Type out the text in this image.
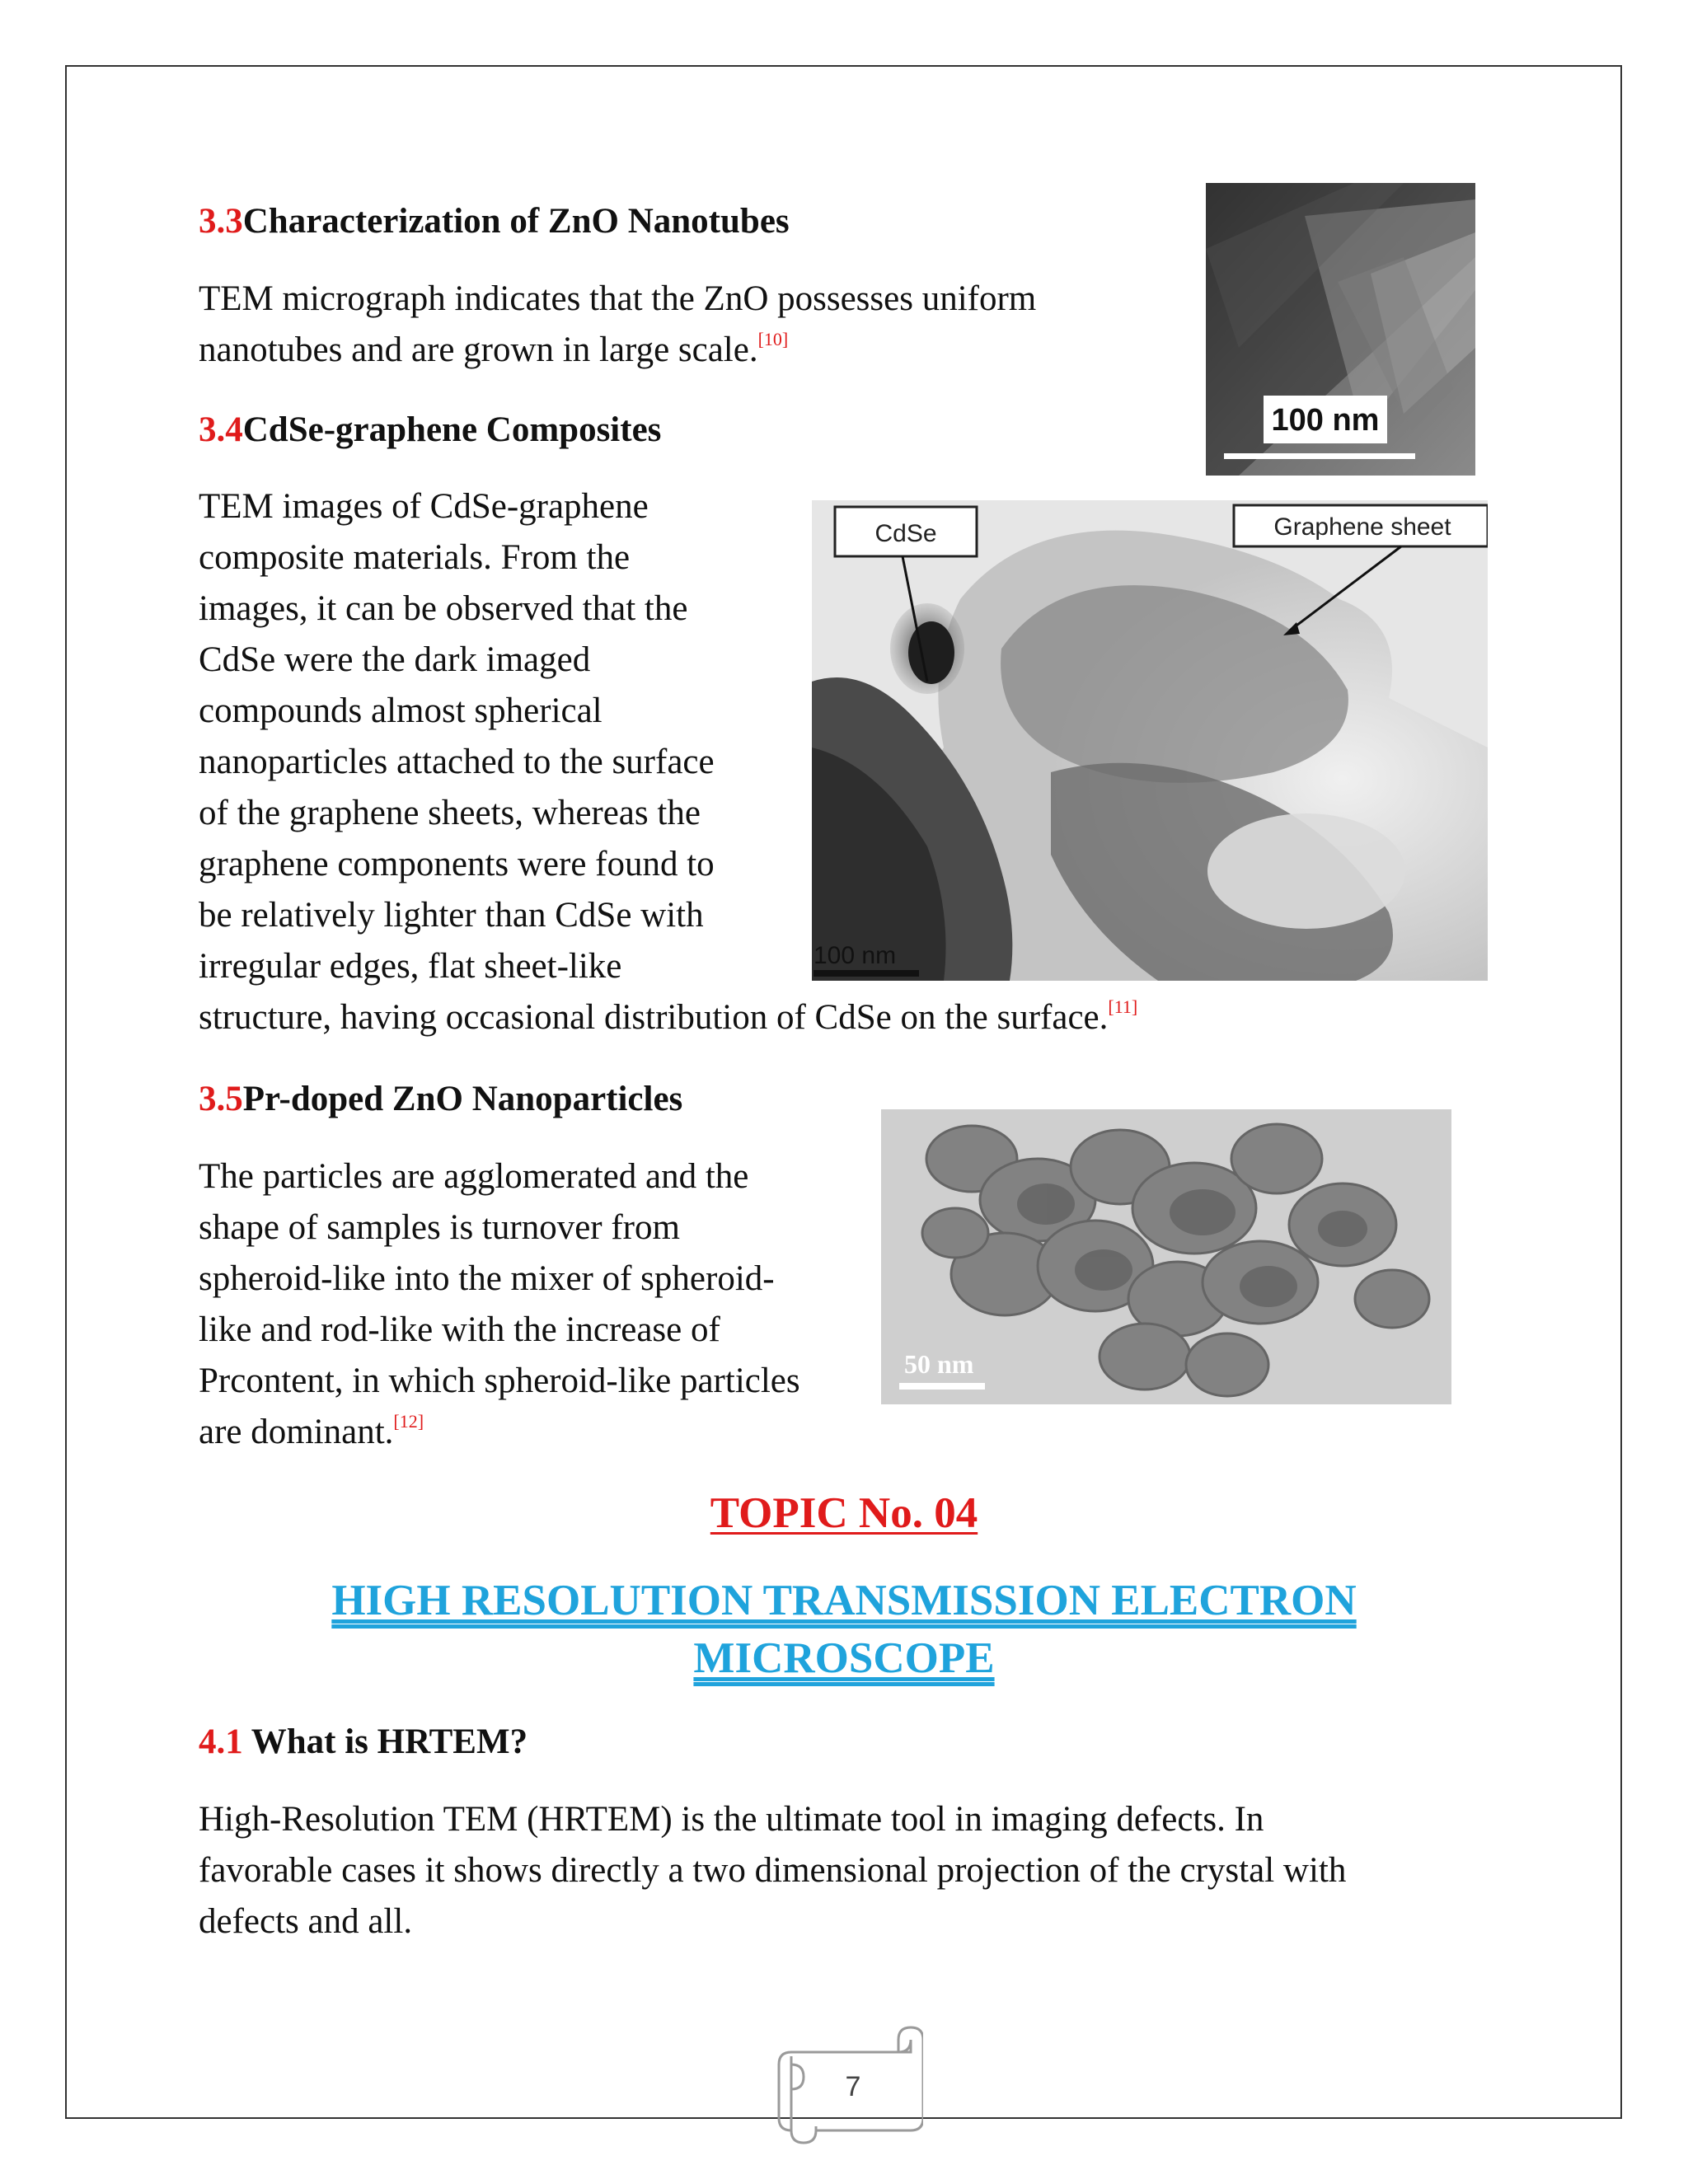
3.3Characterization of ZnO Nanotubes
TEM micrograph indicates that the ZnO possesses uniform nanotubes and are grown in large scale.[10]
100 nm
3.4CdSe-graphene Composites
TEM images of CdSe-graphene
composite materials. From the
images, it can be observed that the
CdSe were the dark imaged
compounds almost spherical
nanoparticles attached to the surface
of the graphene sheets, whereas the
graphene components were found to
be relatively lighter than CdSe with
irregular edges, flat sheet-like
structure, having occasional distribution of CdSe on the surface.[11]
CdSe	Graphene sheet
100 nm
3.5Pr-doped ZnO Nanoparticles
The particles are agglomerated and the
shape of samples is turnover from
spheroid-like into the mixer of spheroid-
like and rod-like with the increase of
Prcontent, in which spheroid-like particles
are dominant.[12]
50 nm
TOPIC No. 04
HIGH RESOLUTION TRANSMISSION ELECTRON
MICROSCOPE
4.1 What is HRTEM?
High-Resolution TEM (HRTEM) is the ultimate tool in imaging defects. In
favorable cases it shows directly a two dimensional projection of the crystal with
defects and all.
7
